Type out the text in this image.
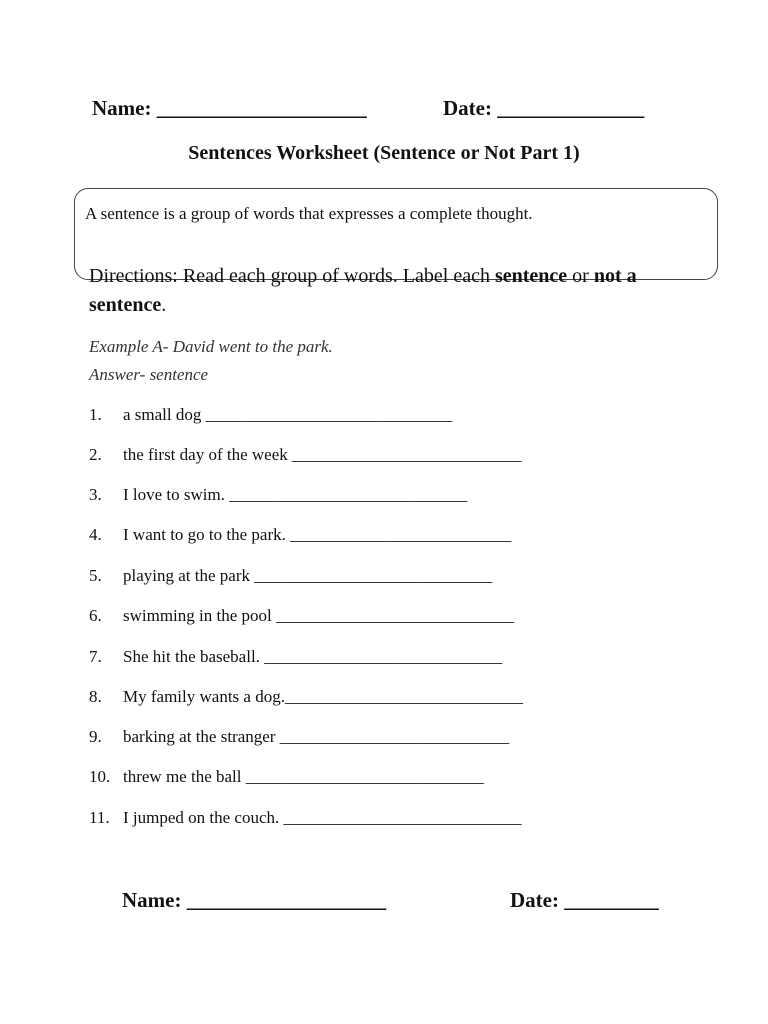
Name: ____________________	Date: ______________
Sentences Worksheet (Sentence or Not Part 1)
A sentence is a group of words that expresses a complete thought.
Directions: Read each group of words. Label each sentence or not a sentence.
Example A- David went to the park.
Answer- sentence
1. a small dog _____________________________
2. the first day of the week ___________________________
3. I love to swim. ____________________________
4. I want to go to the park. __________________________
5. playing at the park ____________________________
6. swimming in the pool ____________________________
7. She hit the baseball. ____________________________
8. My family wants a dog.____________________________
9. barking at the stranger ___________________________
10. threw me the ball ____________________________
11. I jumped on the couch. ____________________________
Name: ___________________	Date: _________
